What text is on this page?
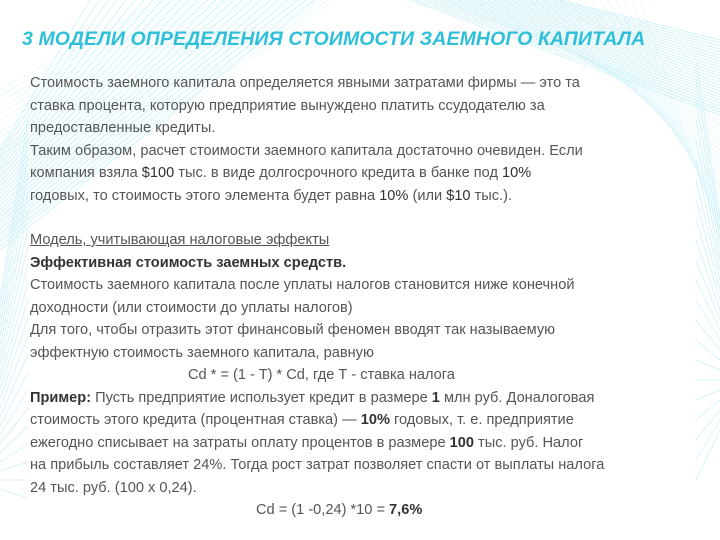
3 МОДЕЛИ ОПРЕДЕЛЕНИЯ СТОИМОСТИ ЗАЕМНОГО КАПИТАЛА

Стоимость заемного капитала определяется явными затратами фирмы — это та

ставка процента, которую предприятие вынуждено платить ссудодателю за

предоставленные кредиты.

Таким образом, расчет стоимости заемного капитала достаточно очевиден. Если

компания взяла $100 тыс. в виде долгосрочного кредита в банке под 10%

годовых, то стоимость этого элемента будет равна 10% (или $10 тыс.).

Модель, учитывающая налоговые эффекты

Эффективная стоимость заемных средств.

Стоимость заемного капитала после уплаты налогов становится ниже конечной

доходности (или стоимости до уплаты налогов)

Для того, чтобы отразить этот финансовый феномен вводят так называемую

эффектную стоимость заемного капитала, равную

Cd * = (1 - T) * Cd, где Т - ставка налога

Пример: Пусть предприятие использует кредит в размере 1 млн руб. Доналоговая

стоимость этого кредита (процентная ставка) — 10% годовых, т. е. предприятие

ежегодно списывает на затраты оплату процентов в размере 100 тыс. руб. Налог

на прибыль составляет 24%. Тогда рост затрат позволяет спасти от выплаты налога

24 тыс. руб. (100 х 0,24).

Cd = (1 -0,24) *10 = 7,6%
